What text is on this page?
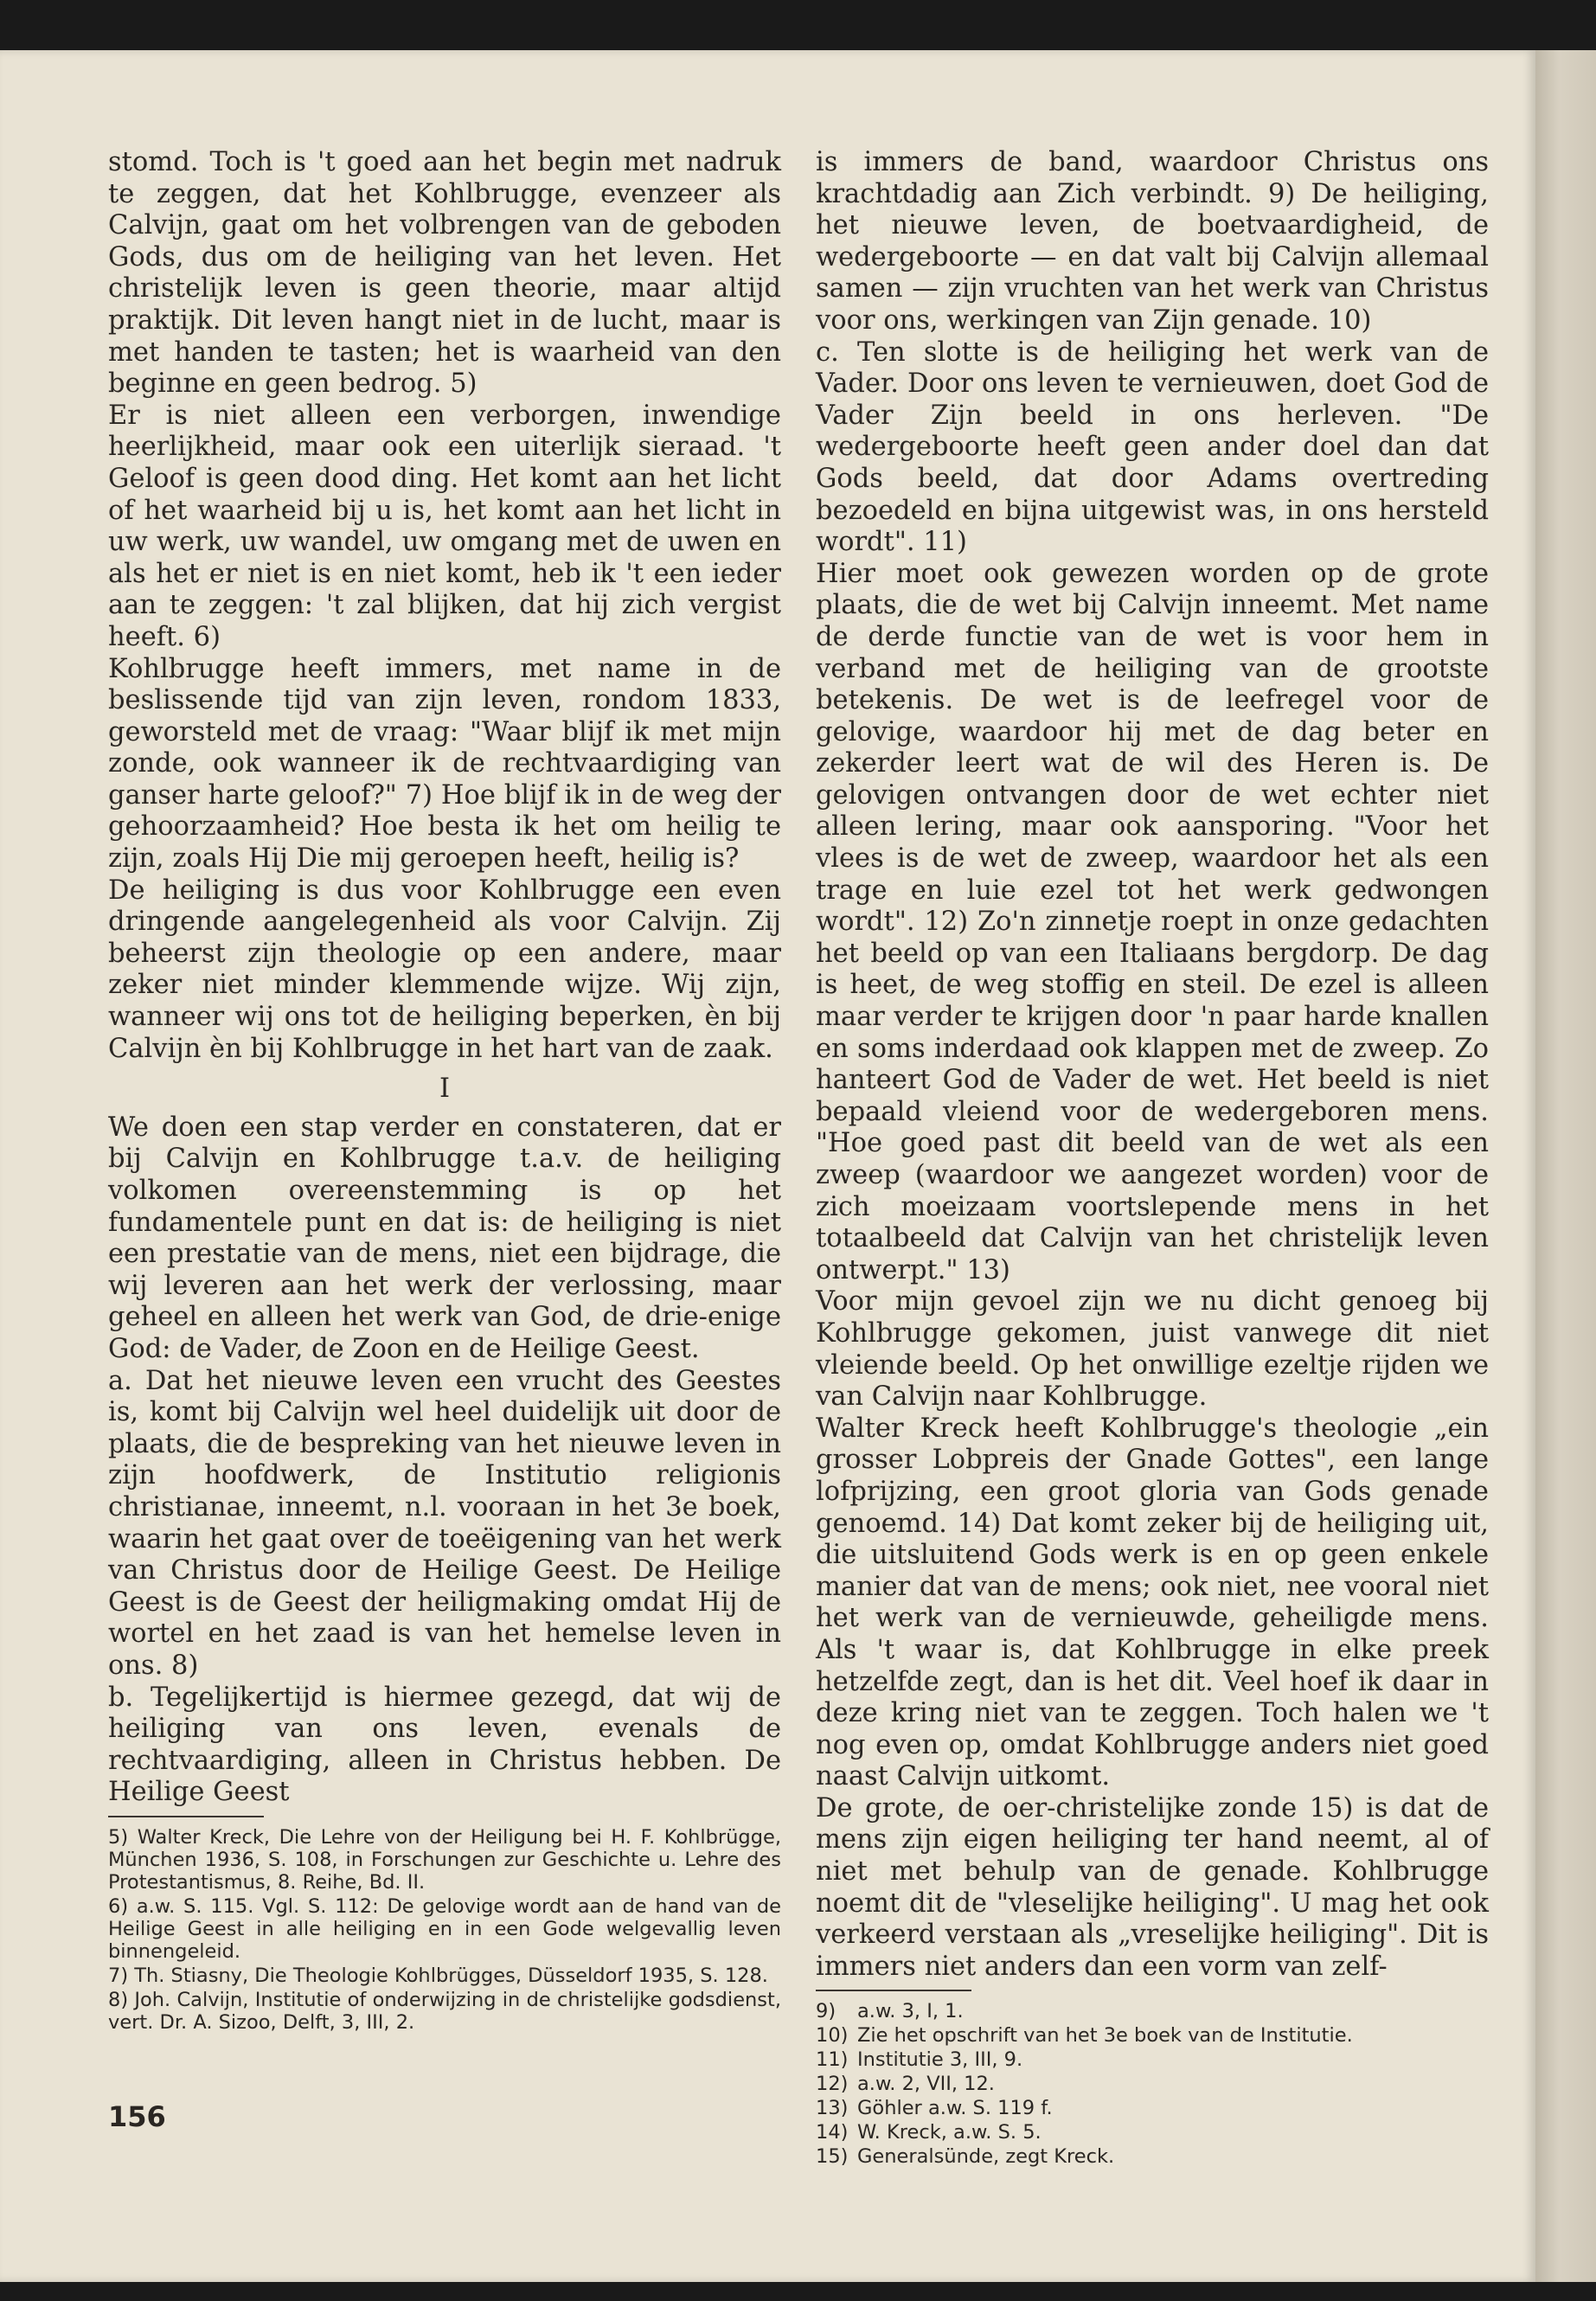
stomd. Toch is 't goed aan het begin met nadruk te zeggen, dat het Kohlbrugge, evenzeer als Calvijn, gaat om het volbrengen van de geboden Gods, dus om de heiliging van het leven. Het christelijk leven is geen theorie, maar altijd praktijk. Dit leven hangt niet in de lucht, maar is met handen te tasten; het is waarheid van den beginne en geen bedrog. 5)

Er is niet alleen een verborgen, inwendige heerlijkheid, maar ook een uiterlijk sieraad. 't Geloof is geen dood ding. Het komt aan het licht of het waarheid bij u is, het komt aan het licht in uw werk, uw wandel, uw omgang met de uwen en als het er niet is en niet komt, heb ik 't een ieder aan te zeggen: 't zal blijken, dat hij zich vergist heeft. 6)

Kohlbrugge heeft immers, met name in de beslissende tijd van zijn leven, rondom 1833, geworsteld met de vraag: "Waar blijf ik met mijn zonde, ook wanneer ik de rechtvaardiging van ganser harte geloof?" 7) Hoe blijf ik in de weg der gehoorzaamheid? Hoe besta ik het om heilig te zijn, zoals Hij Die mij geroepen heeft, heilig is?

De heiliging is dus voor Kohlbrugge een even dringende aangelegenheid als voor Calvijn. Zij beheerst zijn theologie op een andere, maar zeker niet minder klemmende wijze. Wij zijn, wanneer wij ons tot de heiliging beperken, èn bij Calvijn èn bij Kohlbrugge in het hart van de zaak.

I

We doen een stap verder en constateren, dat er bij Calvijn en Kohlbrugge t.a.v. de heiliging volkomen overeenstemming is op het fundamentele punt en dat is: de heiliging is niet een prestatie van de mens, niet een bijdrage, die wij leveren aan het werk der verlossing, maar geheel en alleen het werk van God, de drie-enige God: de Vader, de Zoon en de Heilige Geest.

a. Dat het nieuwe leven een vrucht des Geestes is, komt bij Calvijn wel heel duidelijk uit door de plaats, die de bespreking van het nieuwe leven in zijn hoofdwerk, de Institutio religionis christianae, inneemt, n.l. vooraan in het 3e boek, waarin het gaat over de toeëigening van het werk van Christus door de Heilige Geest. De Heilige Geest is de Geest der heiligmaking omdat Hij de wortel en het zaad is van het hemelse leven in ons. 8)

b. Tegelijkertijd is hiermee gezegd, dat wij de heiliging van ons leven, evenals de rechtvaardiging, alleen in Christus hebben. De Heilige Geest

5) Walter Kreck, Die Lehre von der Heiligung bei H. F. Kohlbrügge, München 1936, S. 108, in Forschungen zur Geschichte u. Lehre des Protestantismus, 8. Reihe, Bd. II.

6) a.w. S. 115. Vgl. S. 112: De gelovige wordt aan de hand van de Heilige Geest in alle heiliging en in een Gode welgevallig leven binnengeleid.

7) Th. Stiasny, Die Theologie Kohlbrügges, Düsseldorf 1935, S. 128.

8) Joh. Calvijn, Institutie of onderwijzing in de christelijke godsdienst, vert. Dr. A. Sizoo, Delft, 3, III, 2.

is immers de band, waardoor Christus ons krachtdadig aan Zich verbindt. 9) De heiliging, het nieuwe leven, de boetvaardigheid, de wedergeboorte — en dat valt bij Calvijn allemaal samen — zijn vruchten van het werk van Christus voor ons, werkingen van Zijn genade. 10)

c. Ten slotte is de heiliging het werk van de Vader. Door ons leven te vernieuwen, doet God de Vader Zijn beeld in ons herleven. "De wedergeboorte heeft geen ander doel dan dat Gods beeld, dat door Adams overtreding bezoedeld en bijna uitgewist was, in ons hersteld wordt". 11)

Hier moet ook gewezen worden op de grote plaats, die de wet bij Calvijn inneemt. Met name de derde functie van de wet is voor hem in verband met de heiliging van de grootste betekenis. De wet is de leefregel voor de gelovige, waardoor hij met de dag beter en zekerder leert wat de wil des Heren is. De gelovigen ontvangen door de wet echter niet alleen lering, maar ook aansporing. "Voor het vlees is de wet de zweep, waardoor het als een trage en luie ezel tot het werk gedwongen wordt". 12) Zo'n zinnetje roept in onze gedachten het beeld op van een Italiaans bergdorp. De dag is heet, de weg stoffig en steil. De ezel is alleen maar verder te krijgen door 'n paar harde knallen en soms inderdaad ook klappen met de zweep. Zo hanteert God de Vader de wet. Het beeld is niet bepaald vleiend voor de wedergeboren mens. "Hoe goed past dit beeld van de wet als een zweep (waardoor we aangezet worden) voor de zich moeizaam voortslepende mens in het totaalbeeld dat Calvijn van het christelijk leven ontwerpt." 13)

Voor mijn gevoel zijn we nu dicht genoeg bij Kohlbrugge gekomen, juist vanwege dit niet vleiende beeld. Op het onwillige ezeltje rijden we van Calvijn naar Kohlbrugge.

Walter Kreck heeft Kohlbrugge's theologie „ein grosser Lobpreis der Gnade Gottes", een lange lofprijzing, een groot gloria van Gods genade genoemd. 14) Dat komt zeker bij de heiliging uit, die uitsluitend Gods werk is en op geen enkele manier dat van de mens; ook niet, nee vooral niet het werk van de vernieuwde, geheiligde mens. Als 't waar is, dat Kohlbrugge in elke preek hetzelfde zegt, dan is het dit. Veel hoef ik daar in deze kring niet van te zeggen. Toch halen we 't nog even op, omdat Kohlbrugge anders niet goed naast Calvijn uitkomt.

De grote, de oer-christelijke zonde 15) is dat de mens zijn eigen heiliging ter hand neemt, al of niet met behulp van de genade. Kohlbrugge noemt dit de "vleselijke heiliging". U mag het ook verkeerd verstaan als „vreselijke heiliging". Dit is immers niet anders dan een vorm van zelf-

9)	a.w. 3, I, 1.
10) Zie het opschrift van het 3e boek van de Institutie.
11) Institutie 3, III, 9.
12) a.w. 2, VII, 12.
13) Göhler a.w. S. 119 f.
14) W. Kreck, a.w. S. 5.
15) Generalsünde, zegt Kreck.
156
